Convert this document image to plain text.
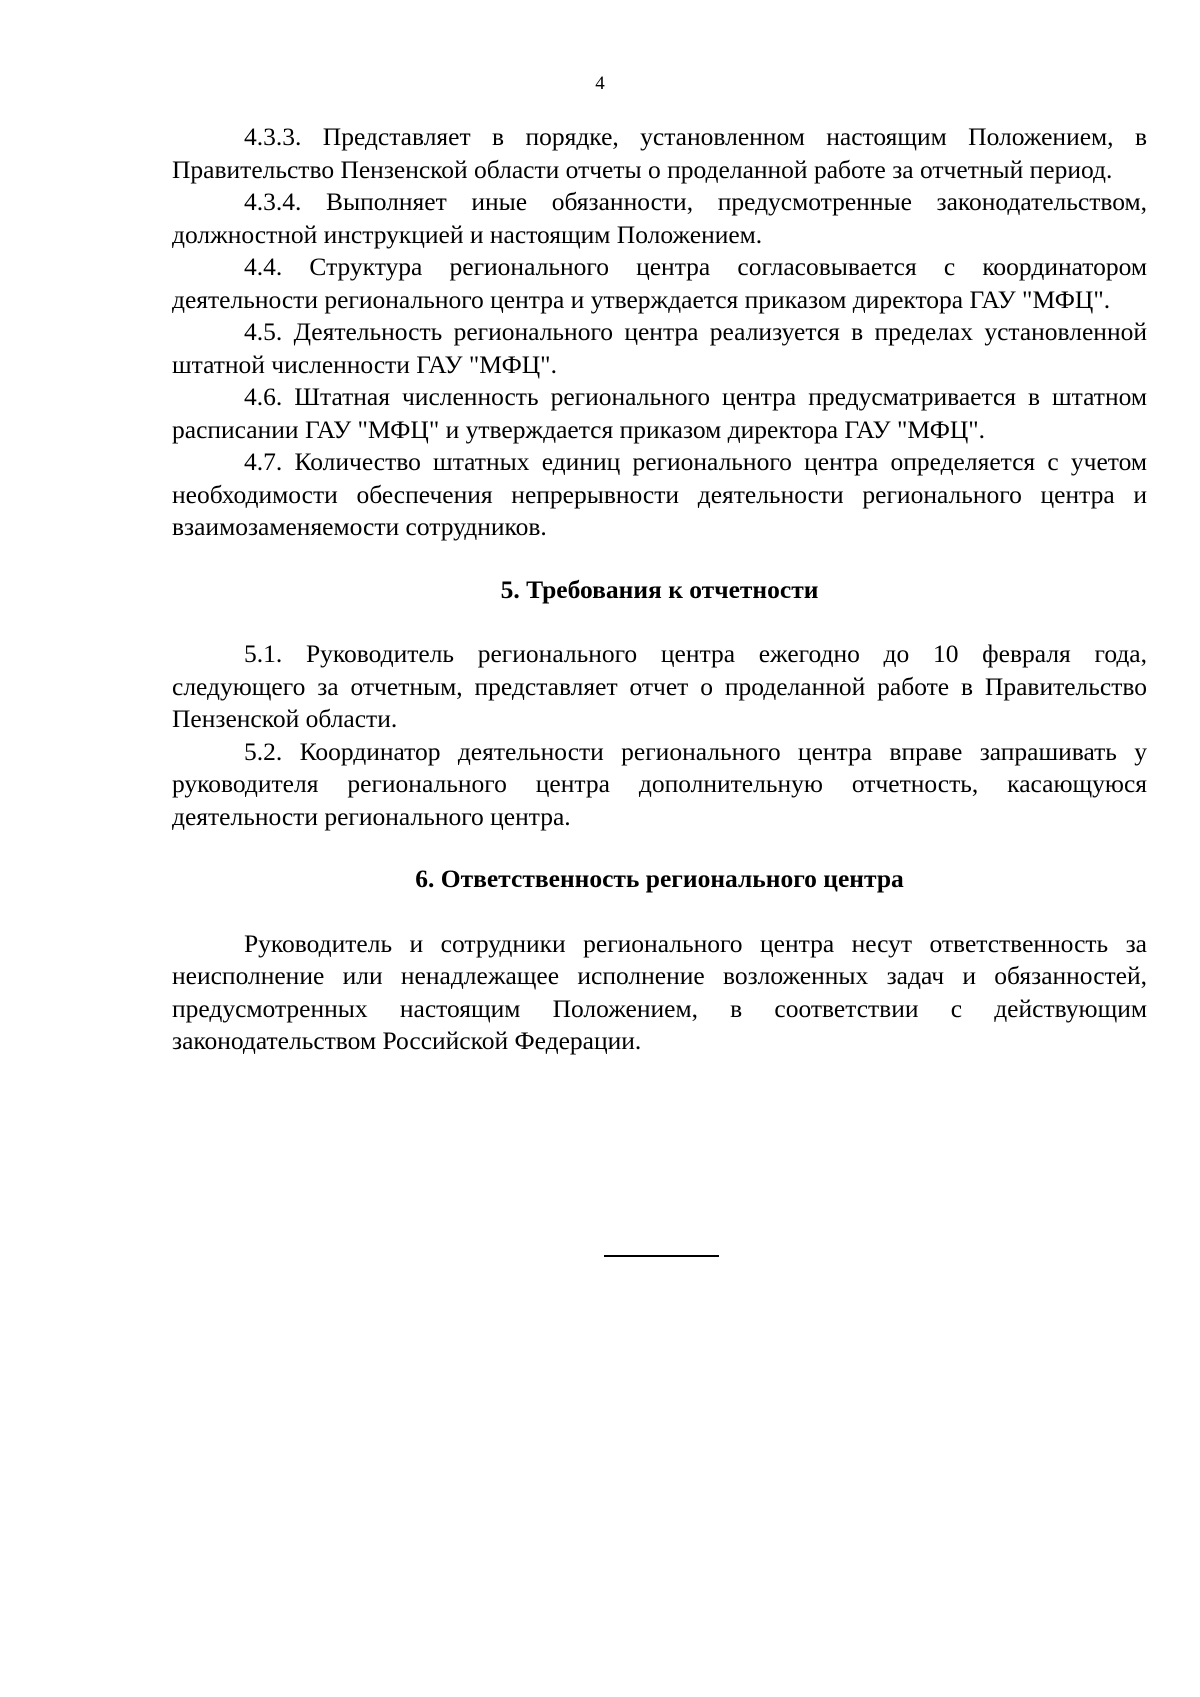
4

4.3.3. Представляет в порядке, установленном настоящим Положением, в Правительство Пензенской области отчеты о проделанной работе за отчетный период.

4.3.4. Выполняет иные обязанности, предусмотренные законодательством, должностной инструкцией и настоящим Положением.

4.4. Структура регионального центра согласовывается с координатором деятельности регионального центра и утверждается приказом директора ГАУ "МФЦ".

4.5. Деятельность регионального центра реализуется в пределах установленной штатной численности ГАУ "МФЦ".

4.6. Штатная численность регионального центра предусматривается в штатном расписании ГАУ "МФЦ" и утверждается приказом директора ГАУ "МФЦ".

4.7. Количество штатных единиц регионального центра определяется с учетом необходимости обеспечения непрерывности деятельности регионального центра и взаимозаменяемости сотрудников.

5. Требования к отчетности

5.1. Руководитель регионального центра ежегодно до 10 февраля года, следующего за отчетным, представляет отчет о проделанной работе в Правительство Пензенской области.

5.2. Координатор деятельности регионального центра вправе запрашивать у руководителя регионального центра дополнительную отчетность, касающуюся деятельности регионального центра.

6. Ответственность регионального центра

Руководитель и сотрудники регионального центра несут ответственность за неисполнение или ненадлежащее исполнение возложенных задач и обязанностей, предусмотренных настоящим Положением, в соответствии с действующим законодательством Российской Федерации.
